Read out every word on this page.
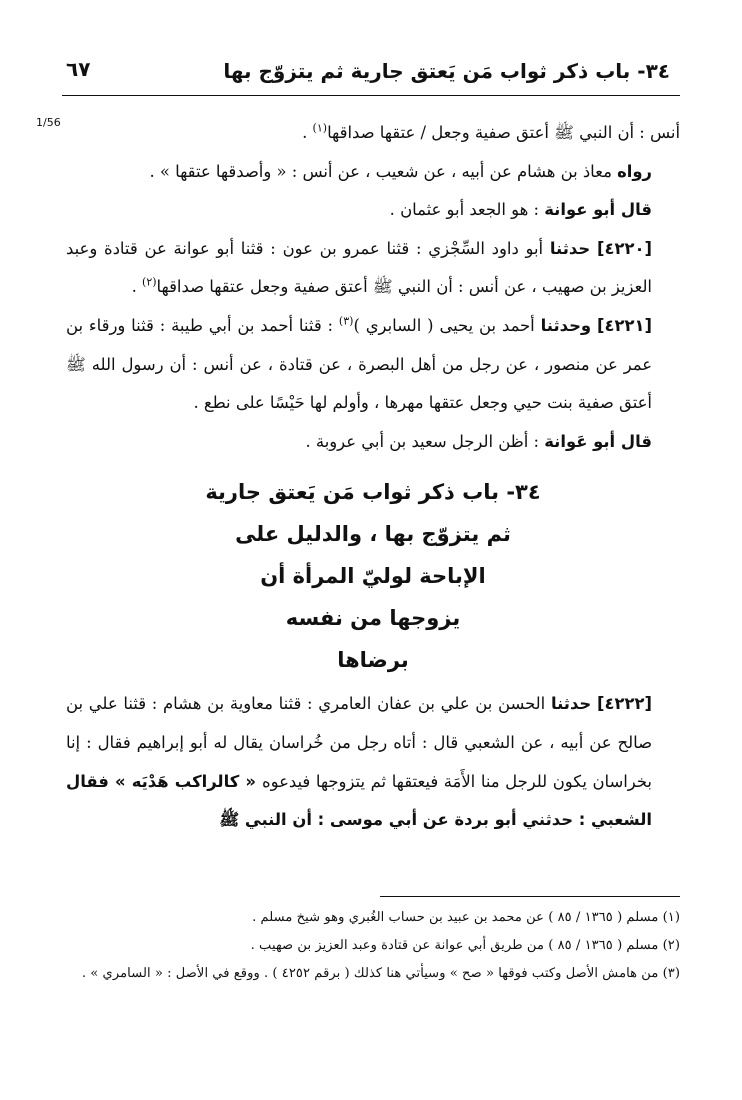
٣٤- باب ذكر ثواب مَن يَعتق جارية ثم يتزوّج بها
٦٧
1/56

أنس : أن النبي ﷺ أعتق صفية وجعل / عتقها صداقها$^{(١)}$ .

رواه معاذ بن هشام عن أبيه ، عن شعيب ، عن أنس : « وأصدقها عتقها » .

قال أبو عوانة : هو الجعد أبو عثمان .

[٤٢٢٠] حدثنا أبو داود السِّجْزي : قثنا عمرو بن عون : قثنا أبو عوانة عن قتادة وعبد العزيز بن صهيب ، عن أنس : أن النبي ﷺ أعتق صفية وجعل عتقها صداقها$^{(٢)}$ .

[٤٢٢١] وحدثنا أحمد بن يحيى ( السابري )$^{(٣)}$ : قثنا أحمد بن أبي طيبة : قثنا ورقاء بن عمر عن منصور ، عن رجل من أهل البصرة ، عن قتادة ، عن أنس : أن رسول الله ﷺ أعتق صفية بنت حيي وجعل عتقها مهرها ، وأولم لها حَيْسًا على نطع .

قال أبو عَوانة : أظن الرجل سعيد بن أبي عروبة .

٣٤- باب ذكر ثواب مَن يَعتق جارية
ثم يتزوّج بها ، والدليل على
الإباحة لوليّ المرأة أن
يزوجها من نفسه
برضاها

[٤٢٢٢] حدثنا الحسن بن علي بن عفان العامري : قثنا معاوية بن هشام : قثنا علي بن صالح عن أبيه ، عن الشعبي قال : أتاه رجل من خُراسان يقال له أبو إبراهيم فقال : إنا بخراسان يكون للرجل منا الأَمَة فيعتقها ثم يتزوجها فيدعوه « كالراكب هَدْيَه » فقال الشعبي : حدثني أبو بردة عن أبي موسى : أن النبي ﷺ

(١) مسلم ( ١٣٦٥ / ٨٥ ) عن محمد بن عبيد بن حساب الغُبري وهو شيخ مسلم .

(٢) مسلم ( ١٣٦٥ / ٨٥ ) من طريق أبي عوانة عن قتادة وعبد العزيز بن صهيب .

(٣) من هامش الأصل وكتب فوقها « صح » وسيأتي هنا كذلك ( برقم ٤٢٥٢ ) . ووقع في الأصل : « السامري » .
